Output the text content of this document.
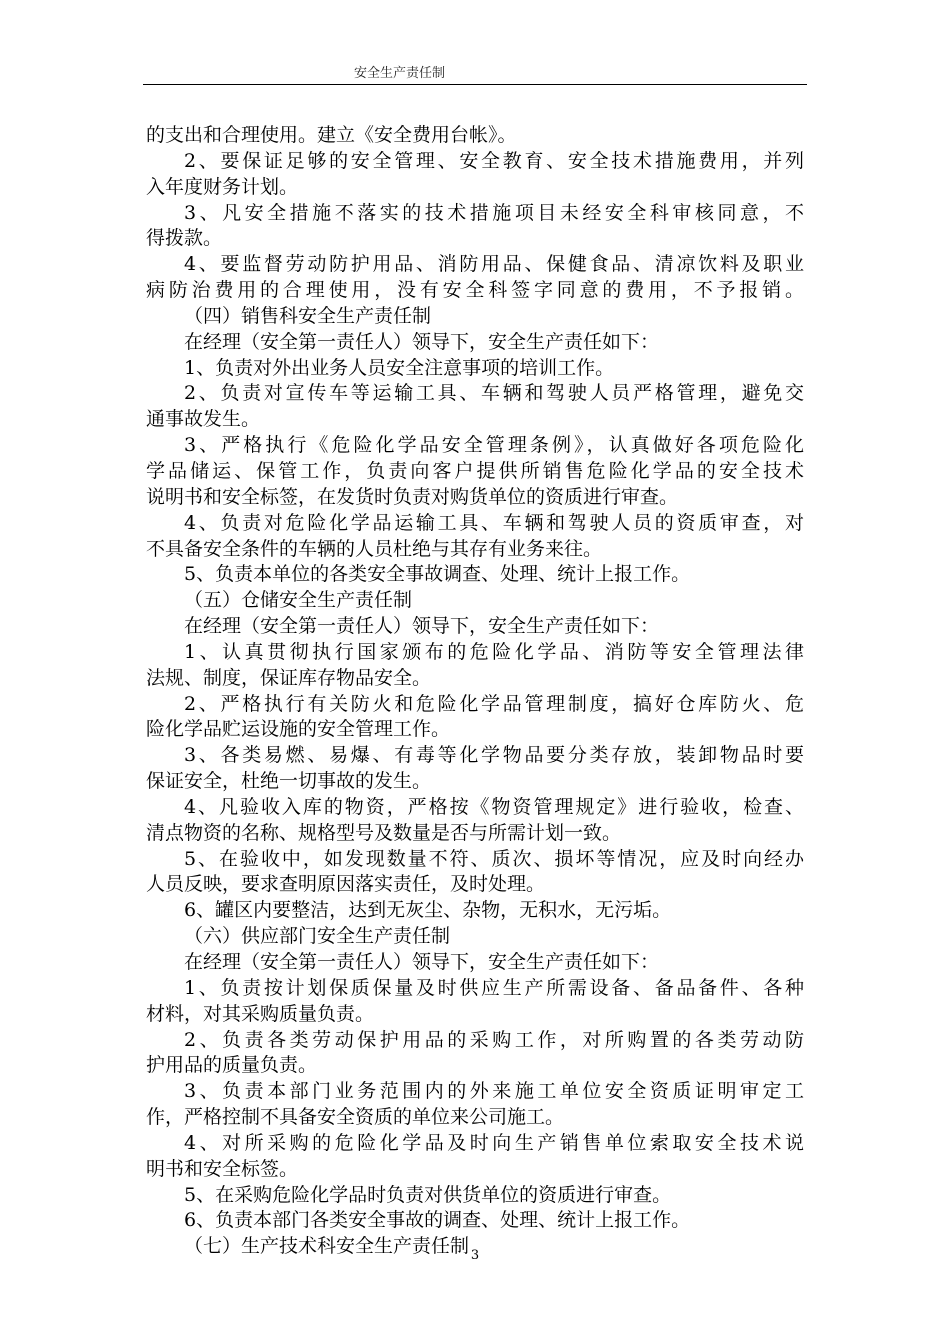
安全生产责任制
的支出和合理使用。建立《安全费用台帐》。
2、要保证足够的安全管理、安全教育、安全技术措施费用，并列
入年度财务计划。
3、凡安全措施不落实的技术措施项目未经安全科审核同意，不
得拨款。
4、要监督劳动防护用品、消防用品、保健食品、清凉饮料及职业
病防治费用的合理使用，没有安全科签字同意的费用，不予报销。
（四）销售科安全生产责任制
在经理（安全第一责任人）领导下，安全生产责任如下：
1、负责对外出业务人员安全注意事项的培训工作。
2、负责对宣传车等运输工具、车辆和驾驶人员严格管理，避免交
通事故发生。
3、严格执行《危险化学品安全管理条例》，认真做好各项危险化
学品储运、保管工作，负责向客户提供所销售危险化学品的安全技术
说明书和安全标签，在发货时负责对购货单位的资质进行审查。
4、负责对危险化学品运输工具、车辆和驾驶人员的资质审查，对
不具备安全条件的车辆的人员杜绝与其存有业务来往。
5、负责本单位的各类安全事故调查、处理、统计上报工作。
（五）仓储安全生产责任制
在经理（安全第一责任人）领导下，安全生产责任如下：
1、认真贯彻执行国家颁布的危险化学品、消防等安全管理法律
法规、制度，保证库存物品安全。
2、严格执行有关防火和危险化学品管理制度，搞好仓库防火、危
险化学品贮运设施的安全管理工作。
3、各类易燃、易爆、有毒等化学物品要分类存放，装卸物品时要
保证安全，杜绝一切事故的发生。
4、凡验收入库的物资，严格按《物资管理规定》进行验收，检查、
清点物资的名称、规格型号及数量是否与所需计划一致。
5、在验收中，如发现数量不符、质次、损坏等情况，应及时向经办
人员反映，要求查明原因落实责任，及时处理。
6、罐区内要整洁，达到无灰尘、杂物，无积水，无污垢。
（六）供应部门安全生产责任制
在经理（安全第一责任人）领导下，安全生产责任如下：
1、负责按计划保质保量及时供应生产所需设备、备品备件、各种
材料，对其采购质量负责。
2、负责各类劳动保护用品的采购工作，对所购置的各类劳动防
护用品的质量负责。
3、负责本部门业务范围内的外来施工单位安全资质证明审定工
作，严格控制不具备安全资质的单位来公司施工。
4、对所采购的危险化学品及时向生产销售单位索取安全技术说
明书和安全标签。
5、在采购危险化学品时负责对供货单位的资质进行审查。
6、负责本部门各类安全事故的调查、处理、统计上报工作。
（七）生产技术科安全生产责任制 3
